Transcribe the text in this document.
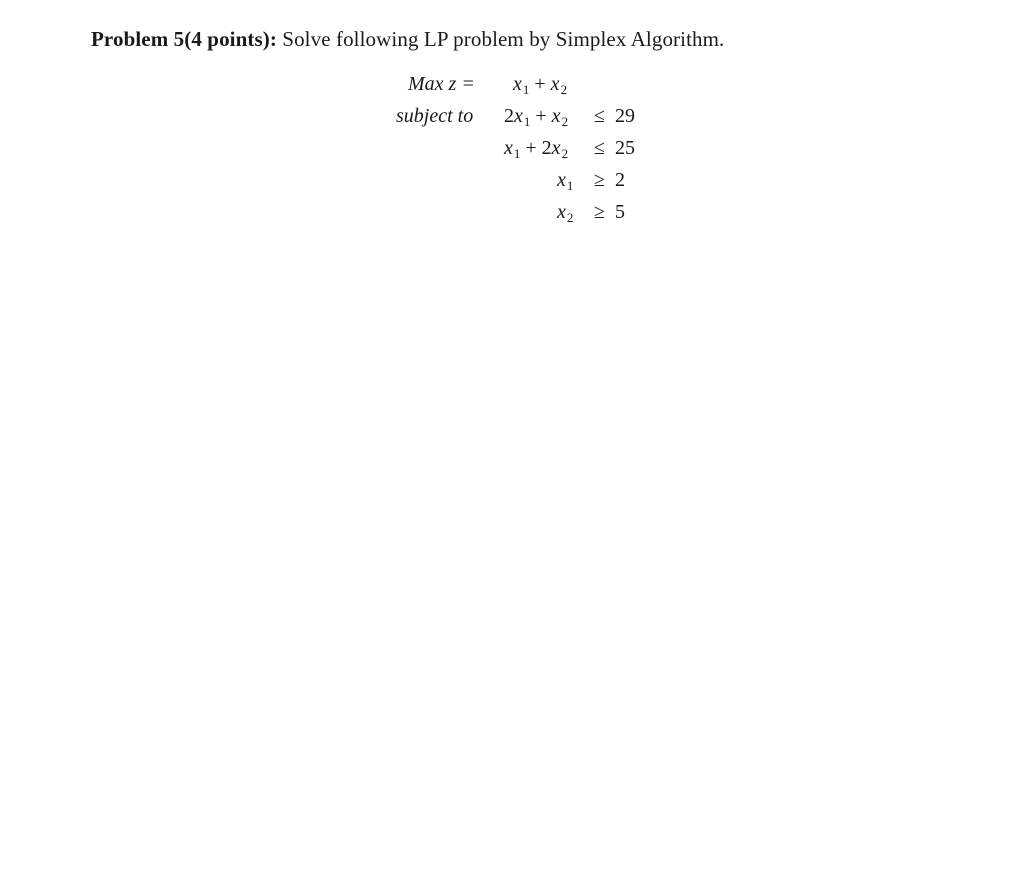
Problem 5(4 points): Solve following LP problem by Simplex Algorithm.
Max $z = x_1 + x_2$
subject to $2x_1 + x_2 \le 29$
$x_1 + 2x_2 \le 25$
$x_1 \ge 2$
$x_2 \ge 5$
